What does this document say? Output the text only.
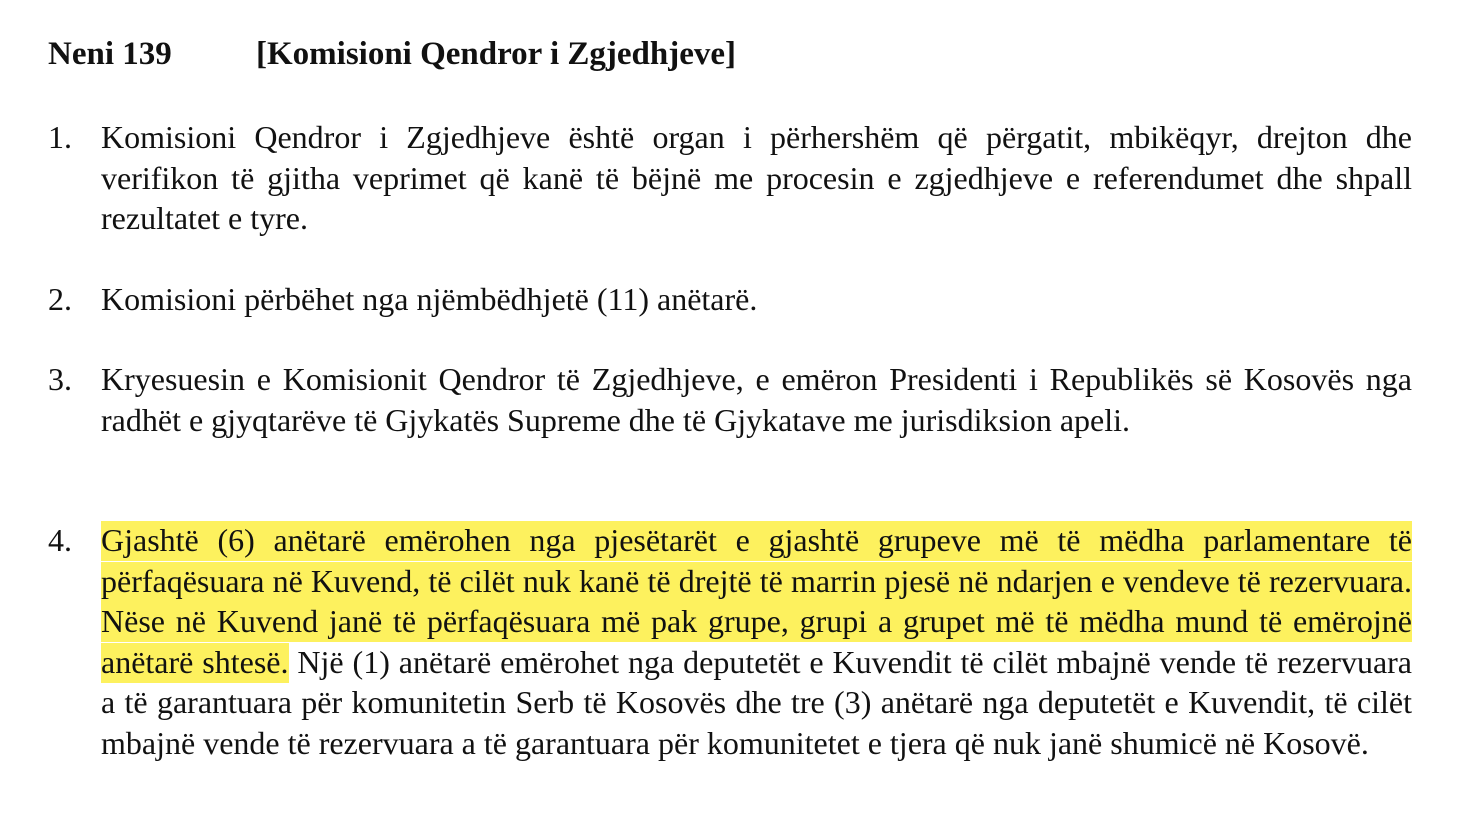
Neni 139	[Komisioni Qendror i Zgjedhjeve]
1. Komisioni Qendror i Zgjedhjeve është organ i përhershëm që përgatit, mbikëqyr, drejton dhe verifikon të gjitha veprimet që kanë të bëjnë me procesin e zgjedhjeve e referendumet dhe shpall rezultatet e tyre.
2. Komisioni përbëhet nga njëmbëdhjetë (11) anëtarë.
3. Kryesuesin e Komisionit Qendror të Zgjedhjeve, e emëron Presidenti i Republikës së Kosovës nga radhët e gjyqtarëve të Gjykatës Supreme dhe të Gjykatave me jurisdiksion apeli.
4. Gjashtë (6) anëtarë emërohen nga pjesëtarët e gjashtë grupeve më të mëdha parlamentare të përfaqësuara në Kuvend, të cilët nuk kanë të drejtë të marrin pjesë në ndarjen e vendeve të rezervuara. Nëse në Kuvend janë të përfaqësuara më pak grupe, grupi a grupet më të mëdha mund të emërojnë anëtarë shtesë. Një (1) anëtarë emërohet nga deputetët e Kuvendit të cilët mbajnë vende të rezervuara a të garantuara për komunitetin Serb të Kosovës dhe tre (3) anëtarë nga deputetët e Kuvendit, të cilët mbajnë vende të rezervuara a të garantuara për komunitetet e tjera që nuk janë shumicë në Kosovë.
